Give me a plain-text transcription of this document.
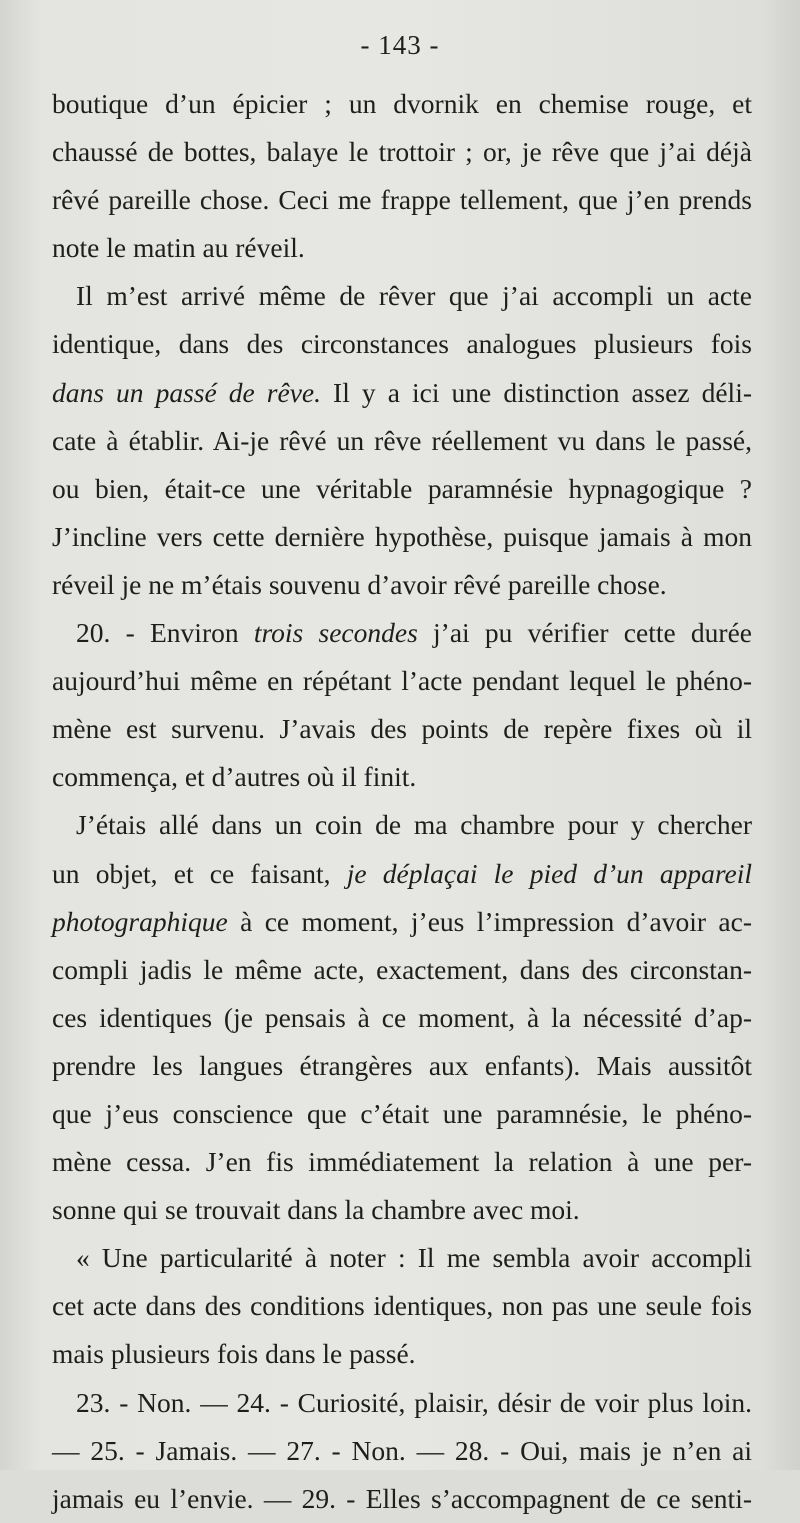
- 143 -
boutique d’un épicier ; un dvornik en chemise rouge, et
chaussé de bottes, balaye le trottoir ; or, je rêve que j’ai déjà
rêvé pareille chose. Ceci me frappe tellement, que j’en prends
note le matin au réveil.
Il m’est arrivé même de rêver que j’ai accompli un acte
identique, dans des circonstances analogues plusieurs fois
dans un passé de rêve. Il y a ici une distinction assez déli-
cate à établir. Ai-je rêvé un rêve réellement vu dans le passé,
ou bien, était-ce une véritable paramnésie hypnagogique ?
J’incline vers cette dernière hypothèse, puisque jamais à mon
réveil je ne m’étais souvenu d’avoir rêvé pareille chose.
20. - Environ trois secondes j’ai pu vérifier cette durée
aujourd’hui même en répétant l’acte pendant lequel le phéno-
mène est survenu. J’avais des points de repère fixes où il
commença, et d’autres où il finit.
J’étais allé dans un coin de ma chambre pour y chercher
un objet, et ce faisant, je déplaçai le pied d’un appareil
photographique à ce moment, j’eus l’impression d’avoir ac-
compli jadis le même acte, exactement, dans des circonstan-
ces identiques (je pensais à ce moment, à la nécessité d’ap-
prendre les langues étrangères aux enfants). Mais aussitôt
que j’eus conscience que c’était une paramnésie, le phéno-
mène cessa. J’en fis immédiatement la relation à une per-
sonne qui se trouvait dans la chambre avec moi.
« Une particularité à noter : Il me sembla avoir accompli
cet acte dans des conditions identiques, non pas une seule fois
mais plusieurs fois dans le passé.
23. - Non. — 24. - Curiosité, plaisir, désir de voir plus loin.
— 25. - Jamais. — 27. - Non. — 28. - Oui, mais je n’en ai
jamais eu l’envie. — 29. - Elles s’accompagnent de ce senti-
